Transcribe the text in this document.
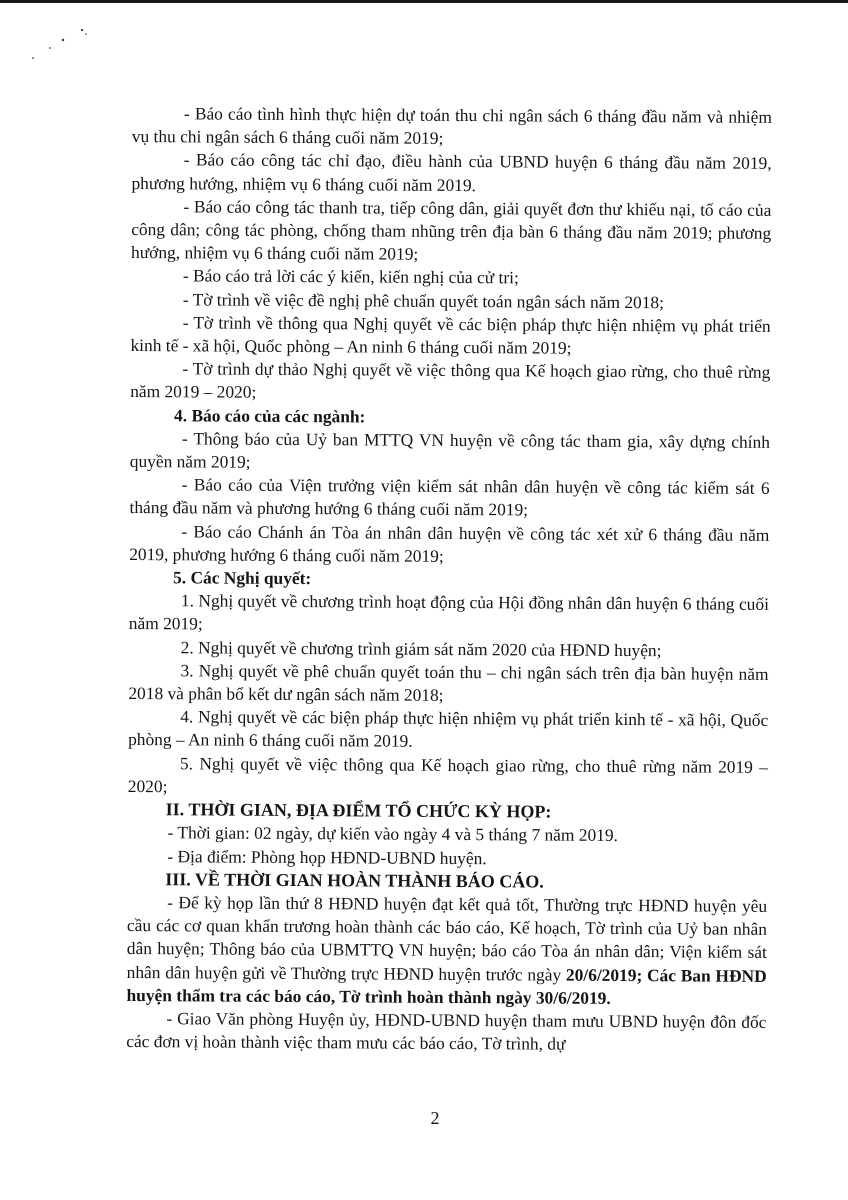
- Báo cáo tình hình thực hiện dự toán thu chi ngân sách 6 tháng đầu năm và nhiệm vụ thu chi ngân sách 6 tháng cuối năm 2019;

- Báo cáo công tác chỉ đạo, điều hành của UBND huyện 6 tháng đầu năm 2019, phương hướng, nhiệm vụ 6 tháng cuối năm 2019.

- Báo cáo công tác thanh tra, tiếp công dân, giải quyết đơn thư khiếu nại, tố cáo của công dân; công tác phòng, chống tham nhũng trên địa bàn 6 tháng đầu năm 2019; phương hướng, nhiệm vụ 6 tháng cuối năm 2019;

- Báo cáo trả lời các ý kiến, kiến nghị của cử tri;

- Tờ trình về việc đề nghị phê chuẩn quyết toán ngân sách năm 2018;

- Tờ trình về thông qua Nghị quyết về các biện pháp thực hiện nhiệm vụ phát triển kinh tế - xã hội, Quốc phòng – An ninh 6 tháng cuối năm 2019;

- Tờ trình dự thảo Nghị quyết về việc thông qua Kế hoạch giao rừng, cho thuê rừng năm 2019 – 2020;

4. Báo cáo của các ngành:

- Thông báo của Uỷ ban MTTQ VN huyện về công tác tham gia, xây dựng chính quyền năm 2019;

- Báo cáo của Viện trưởng viện kiểm sát nhân dân huyện về công tác kiểm sát 6 tháng đầu năm và phương hướng 6 tháng cuối năm 2019;

- Báo cáo Chánh án Tòa án nhân dân huyện về công tác xét xử 6 tháng đầu năm 2019, phương hướng 6 tháng cuối năm 2019;

5. Các Nghị quyết:

1. Nghị quyết về chương trình hoạt động của Hội đồng nhân dân huyện 6 tháng cuối năm 2019;

2. Nghị quyết về chương trình giám sát năm 2020 của HĐND huyện;

3. Nghị quyết về phê chuẩn quyết toán thu – chi ngân sách trên địa bàn huyện năm 2018 và phân bổ kết dư ngân sách năm 2018;

4. Nghị quyết về các biện pháp thực hiện nhiệm vụ phát triển kinh tế - xã hội, Quốc phòng – An ninh 6 tháng cuối năm 2019.

5. Nghị quyết về việc thông qua Kế hoạch giao rừng, cho thuê rừng năm 2019 – 2020;

II. THỜI GIAN, ĐỊA ĐIỂM TỔ CHỨC KỲ HỌP:

- Thời gian: 02 ngày, dự kiến vào ngày 4 và 5 tháng 7 năm 2019.

- Địa điểm: Phòng họp HĐND-UBND huyện.

III. VỀ THỜI GIAN HOÀN THÀNH BÁO CÁO.

- Để kỳ họp lần thứ 8 HĐND huyện đạt kết quả tốt, Thường trực HĐND huyện yêu cầu các cơ quan khẩn trương hoàn thành các báo cáo, Kế hoạch, Tờ trình của Uỷ ban nhân dân huyện; Thông báo của UBMTTQ VN huyện; báo cáo Tòa án nhân dân; Viện kiểm sát nhân dân huyện gửi về Thường trực HĐND huyện trước ngày 20/6/2019; Các Ban HĐND huyện thẩm tra các báo cáo, Tờ trình hoàn thành ngày 30/6/2019.

- Giao Văn phòng Huyện ủy, HĐND-UBND huyện tham mưu UBND huyện đôn đốc các đơn vị hoàn thành việc tham mưu các báo cáo, Tờ trình, dự

2
